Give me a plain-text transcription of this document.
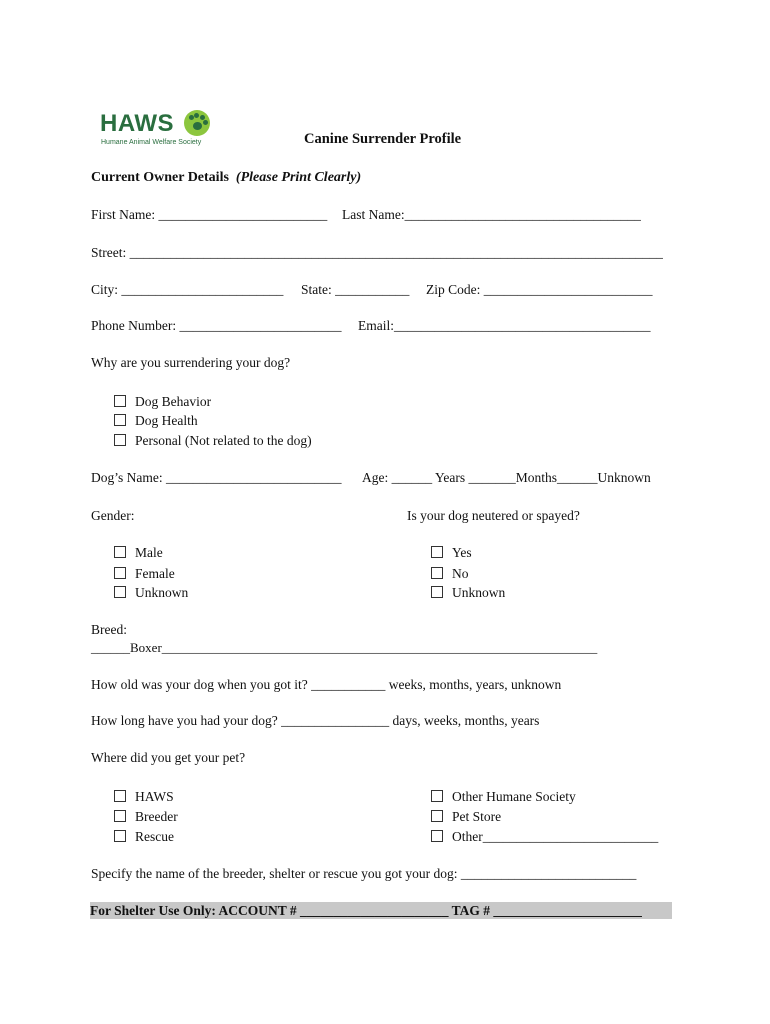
HAWS
Humane Animal Welfare Society	Canine Surrender Profile
Current Owner Details (Please Print Clearly)
First Name: _________________________ Last Name:___________________________________
Street: _______________________________________________________________________________
City: ________________________ State: ___________ Zip Code: _________________________
Phone Number: ________________________ Email:______________________________________
Why are you surrendering your dog?
Dog Behavior
Dog Health
Personal (Not related to the dog)
Dog’s Name: __________________________ Age: ______ Years _______Months______Unknown
Gender:	Is your dog neutered or spayed?
Male
Female
Unknown
Yes
No
Unknown
Breed:
______Boxer___________________________________________________________________
How old was your dog when you got it? ___________ weeks, months, years, unknown
How long have you had your dog? ________________ days, weeks, months, years
Where did you get your pet?
HAWS
Breeder
Rescue
Other Humane Society
Pet Store
Other__________________________
Specify the name of the breeder, shelter or rescue you got your dog: __________________________
For Shelter Use Only: ACCOUNT # ______________________ TAG # ______________________
